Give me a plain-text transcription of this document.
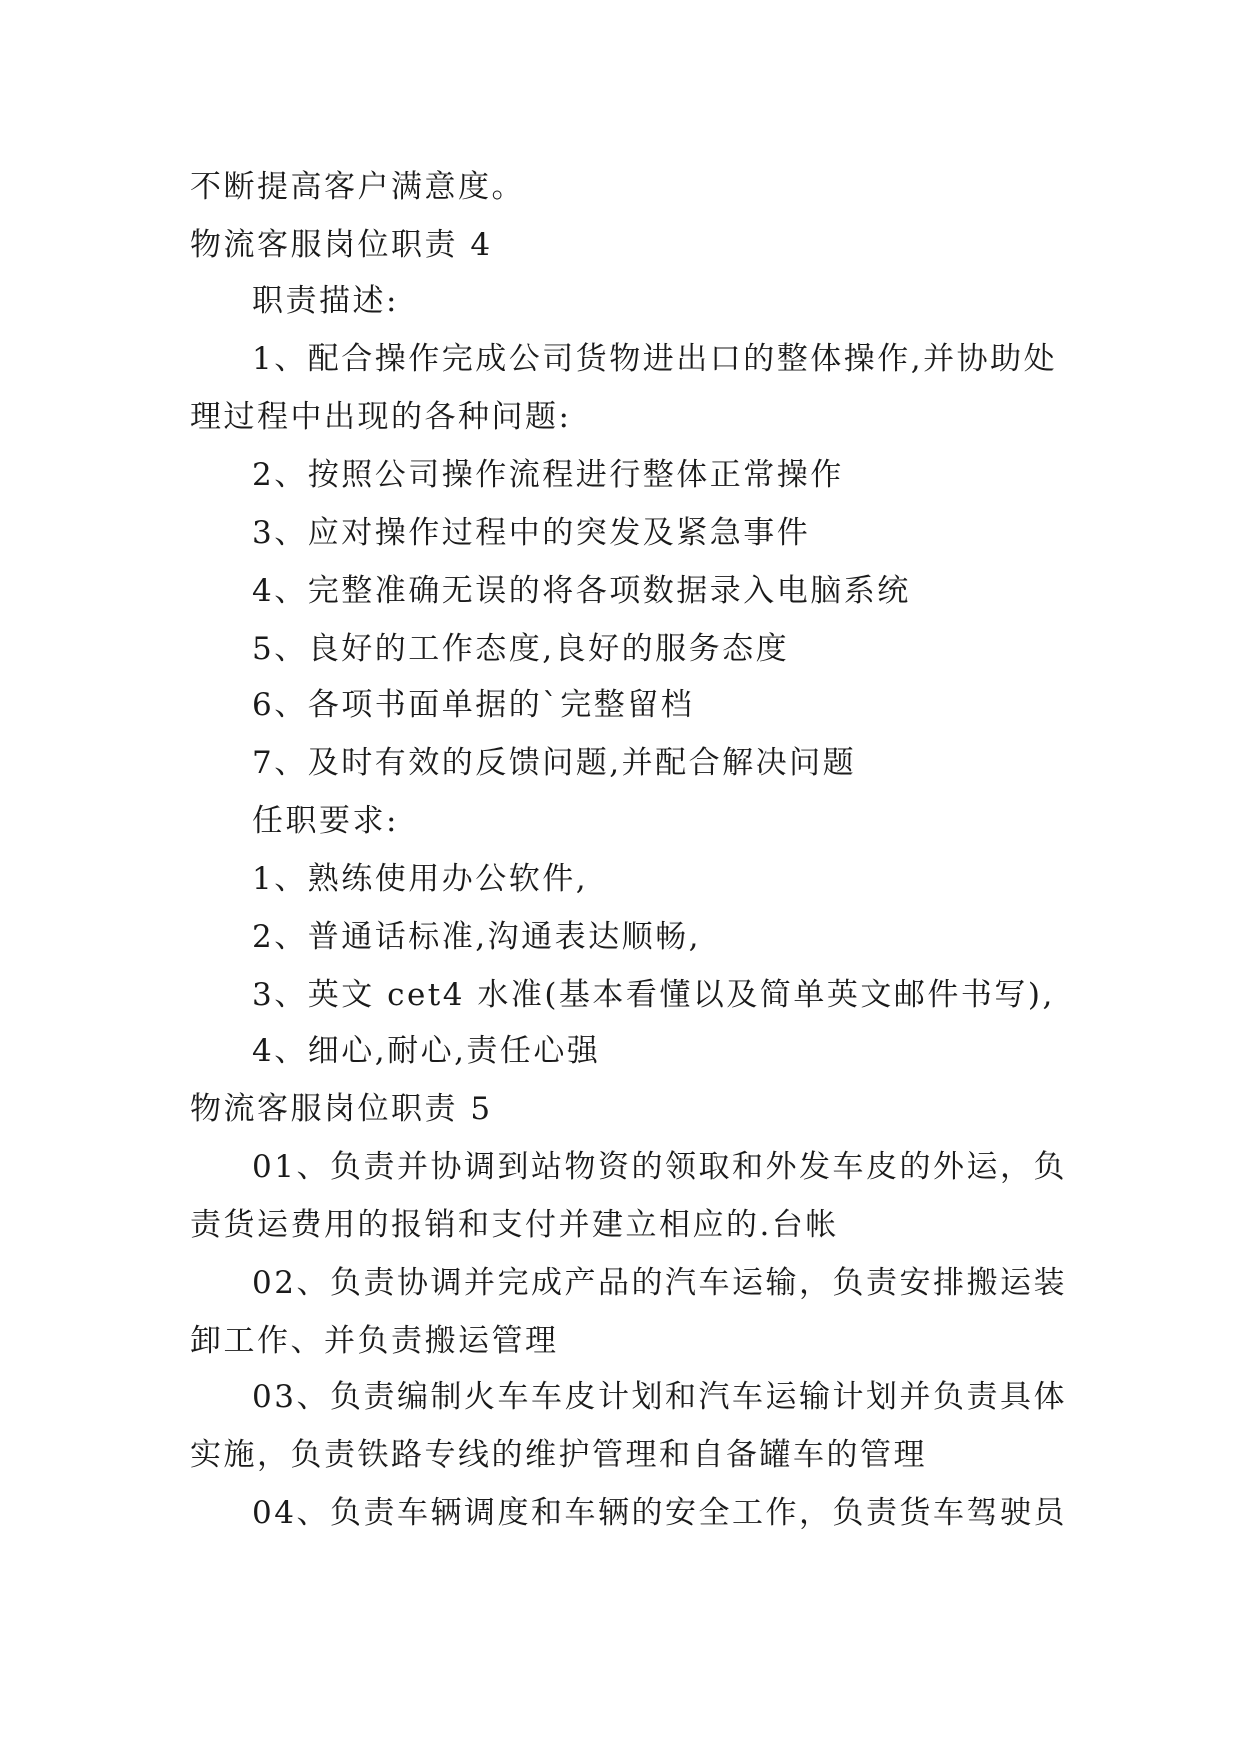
不断提高客户满意度。
物流客服岗位职责 4
职责描述:
1、配合操作完成公司货物进出口的整体操作,并协助处
理过程中出现的各种问题:
2、按照公司操作流程进行整体正常操作
3、应对操作过程中的突发及紧急事件
4、完整准确无误的将各项数据录入电脑系统
5、良好的工作态度,良好的服务态度
6、各项书面单据的`完整留档
7、及时有效的反馈问题,并配合解决问题
任职要求:
1、熟练使用办公软件,
2、普通话标准,沟通表达顺畅,
3、英文 cet4 水准(基本看懂以及简单英文邮件书写),
4、细心,耐心,责任心强
物流客服岗位职责 5
01、负责并协调到站物资的领取和外发车皮的外运，负
责货运费用的报销和支付并建立相应的.台帐
02、负责协调并完成产品的汽车运输，负责安排搬运装
卸工作、并负责搬运管理
03、负责编制火车车皮计划和汽车运输计划并负责具体
实施，负责铁路专线的维护管理和自备罐车的管理
04、负责车辆调度和车辆的安全工作，负责货车驾驶员
